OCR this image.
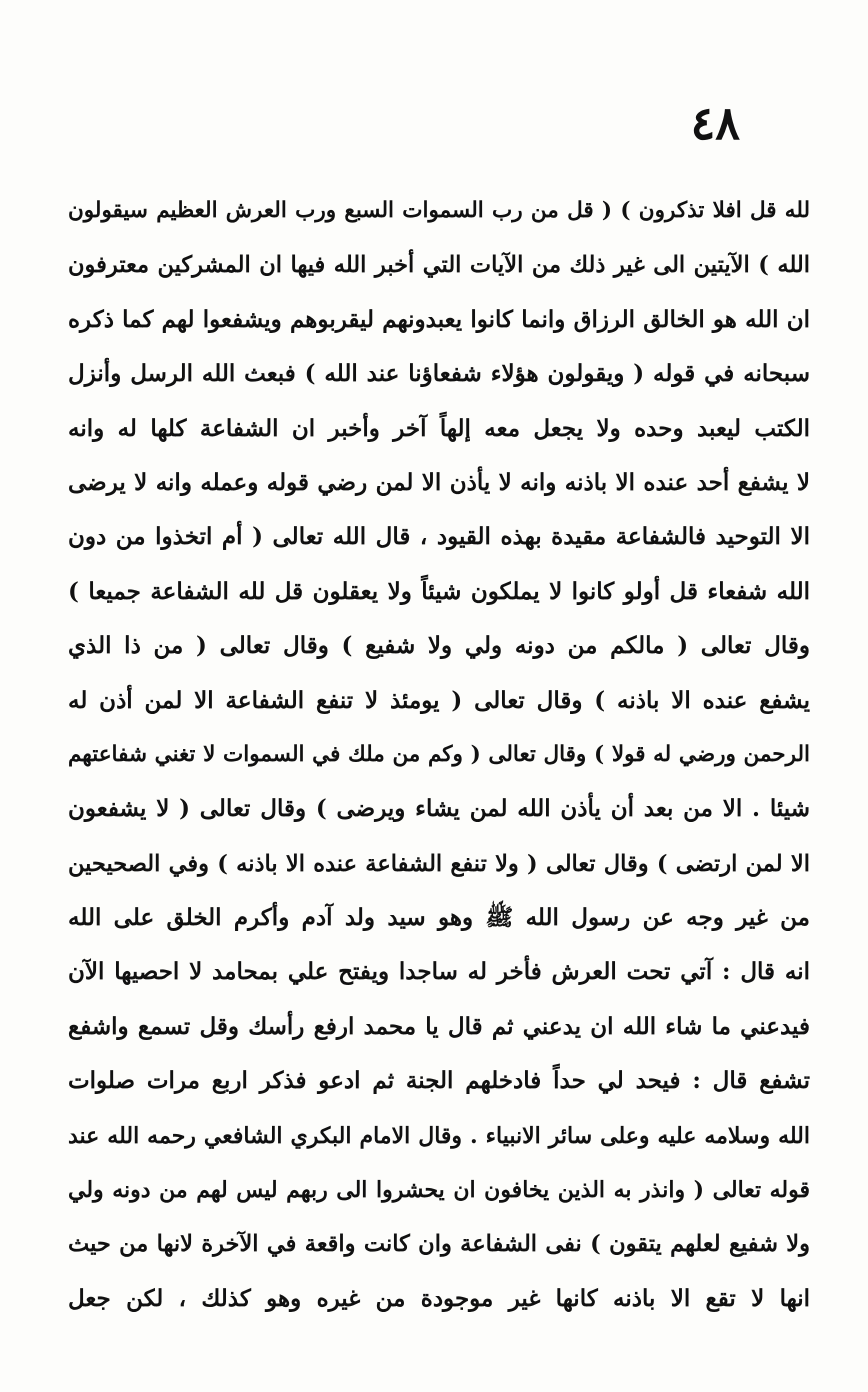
٤٨
لله قل افلا تذكرون ) ( قل من رب السموات السبع ورب العرش العظيم سيقولون
الله ) الآيتين الى غير ذلك من الآيات التي أخبر الله فيها ان المشركين معترفون
ان الله هو الخالق الرزاق وانما كانوا يعبدونهم ليقربوهم ويشفعوا لهم كما ذكره
سبحانه في قوله ( ويقولون هؤلاء شفعاؤنا عند الله ) فبعث الله الرسل وأنزل
الكتب ليعبد وحده ولا يجعل معه إلهاً آخر وأخبر ان الشفاعة كلها له وانه
لا يشفع أحد عنده الا باذنه وانه لا يأذن الا لمن رضي قوله وعمله وانه لا يرضى
الا التوحيد فالشفاعة مقيدة بهذه القيود ، قال الله تعالى ( أم اتخذوا من دون
الله شفعاء قل أولو كانوا لا يملكون شيئاً ولا يعقلون قل لله الشفاعة جميعا )
وقال تعالى ( مالكم من دونه ولي ولا شفيع ) وقال تعالى ( من ذا الذي
يشفع عنده الا باذنه ) وقال تعالى ( يومئذ لا تنفع الشفاعة الا لمن أذن له
الرحمن ورضي له قولا ) وقال تعالى ( وكم من ملك في السموات لا تغني شفاعتهم
شيئا . الا من بعد أن يأذن الله لمن يشاء ويرضى ) وقال تعالى ( لا يشفعون
الا لمن ارتضى ) وقال تعالى ( ولا تنفع الشفاعة عنده الا باذنه ) وفي الصحيحين
من غير وجه عن رسول الله ﷺ وهو سيد ولد آدم وأكرم الخلق على الله
انه قال : آتي تحت العرش فأخر له ساجدا ويفتح علي بمحامد لا احصيها الآن
فيدعني ما شاء الله ان يدعني ثم قال يا محمد ارفع رأسك وقل تسمع واشفع
تشفع قال : فيحد لي حداً فادخلهم الجنة ثم ادعو فذكر اربع مرات صلوات
الله وسلامه عليه وعلى سائر الانبياء . وقال الامام البكري الشافعي رحمه الله عند
قوله تعالى ( وانذر به الذين يخافون ان يحشروا الى ربهم ليس لهم من دونه ولي
ولا شفيع لعلهم يتقون ) نفى الشفاعة وان كانت واقعة في الآخرة لانها من حيث
انها لا تقع الا باذنه كانها غير موجودة من غيره وهو كذلك ، لكن جعل
